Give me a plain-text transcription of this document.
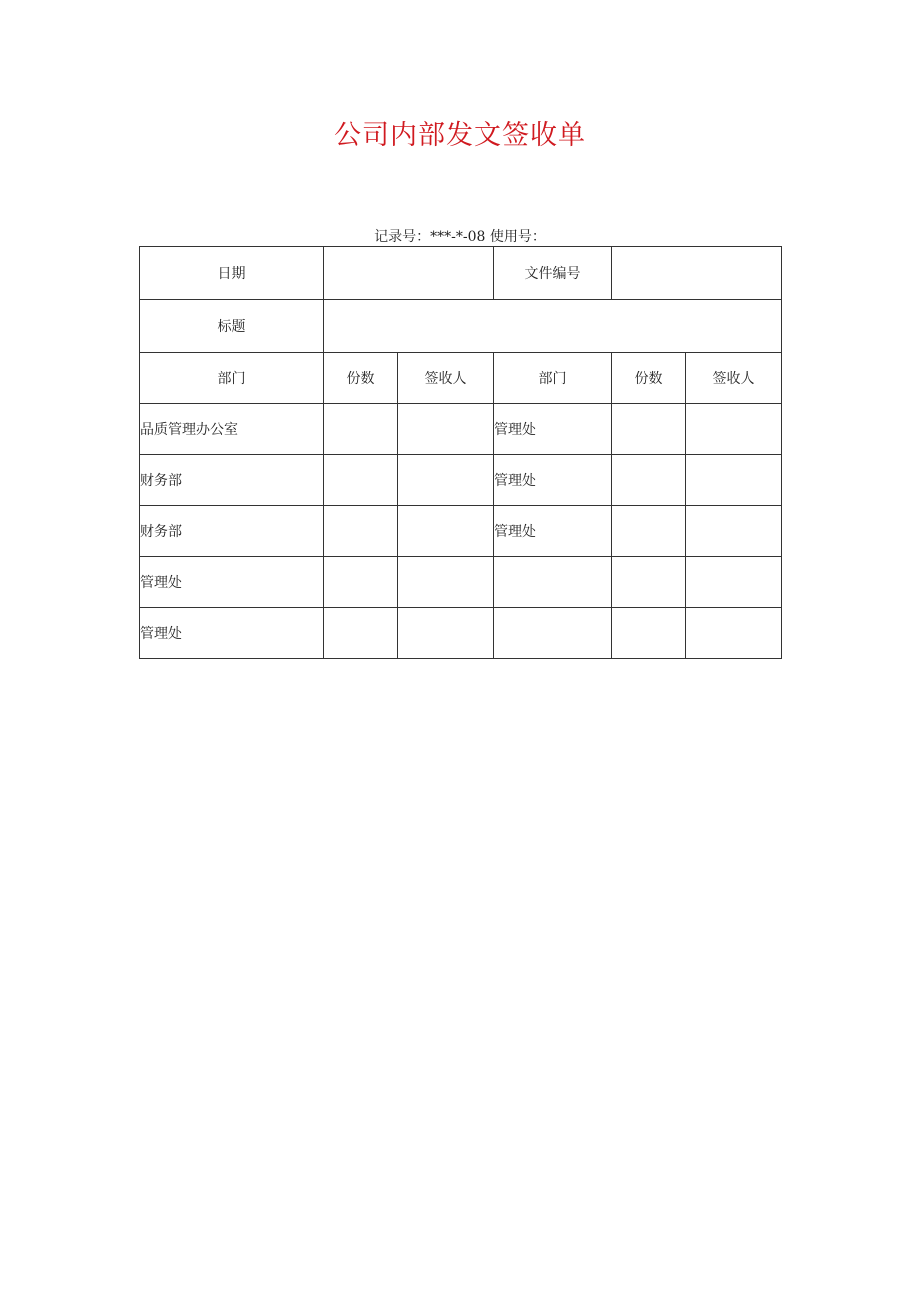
公司内部发文签收单
记录号：***-*-08 使用号：
日期			文件编号		
标题					
部门	份数	签收人	部门	份数	签收人
品质管理办公室			管理处		
财务部			管理处		
财务部			管理处		
管理处					
管理处					
